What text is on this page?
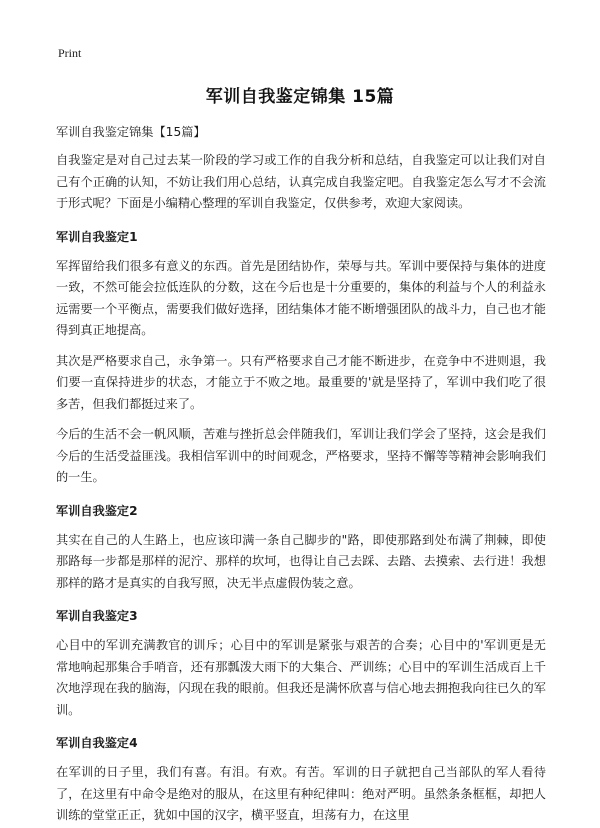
Print
军训自我鉴定锦集 15篇

军训自我鉴定锦集【15篇】

自我鉴定是对自己过去某一阶段的学习或工作的自我分析和总结，自我鉴定可以让我们对自己有个正确的认知，不妨让我们用心总结，认真完成自我鉴定吧。自我鉴定怎么写才不会流于形式呢？下面是小编精心整理的军训自我鉴定，仅供参考，欢迎大家阅读。

军训自我鉴定1

军挥留给我们很多有意义的东西。首先是团结协作，荣辱与共。军训中要保持与集体的进度一致，不然可能会拉低连队的分数，这在今后也是十分重要的，集体的利益与个人的利益永远需要一个平衡点，需要我们做好选择，团结集体才能不断增强团队的战斗力，自己也才能得到真正地提高。

其次是严格要求自己，永争第一。只有严格要求自己才能不断进步，在竞争中不进则退，我们要一直保持进步的状态，才能立于不败之地。最重要的'就是坚持了，军训中我们吃了很多苦，但我们都挺过来了。

今后的生活不会一帆风顺，苦难与挫折总会伴随我们，军训让我们学会了坚持，这会是我们今后的生活受益匪浅。我相信军训中的时间观念，严格要求，坚持不懈等等精神会影响我们的一生。

军训自我鉴定2

其实在自己的人生路上，也应该印满一条自己脚步的"路，即使那路到处布满了荆棘，即使那路每一步都是那样的泥泞、那样的坎坷，也得让自己去踩、去踏、去摸索、去行进！我想那样的路才是真实的自我写照，决无半点虚假伪装之意。

军训自我鉴定3

心目中的军训充满教官的训斥；心目中的军训是紧张与艰苦的合奏；心目中的'军训更是无常地响起那集合手哨音，还有那瓢泼大雨下的大集合、严训练；心目中的军训生活成百上千次地浮现在我的脑海，闪现在我的眼前。但我还是满怀欣喜与信心地去拥抱我向往已久的军训。

军训自我鉴定4

在军训的日子里，我们有喜。有泪。有欢。有苦。军训的日子就把自己当部队的军人看待了，在这里有中命令是绝对的服从，在这里有种纪律叫：绝对严明。虽然条条框框，却把人训练的堂堂正正，犹如中国的汉字，横平竖直，坦荡有力，在这里
